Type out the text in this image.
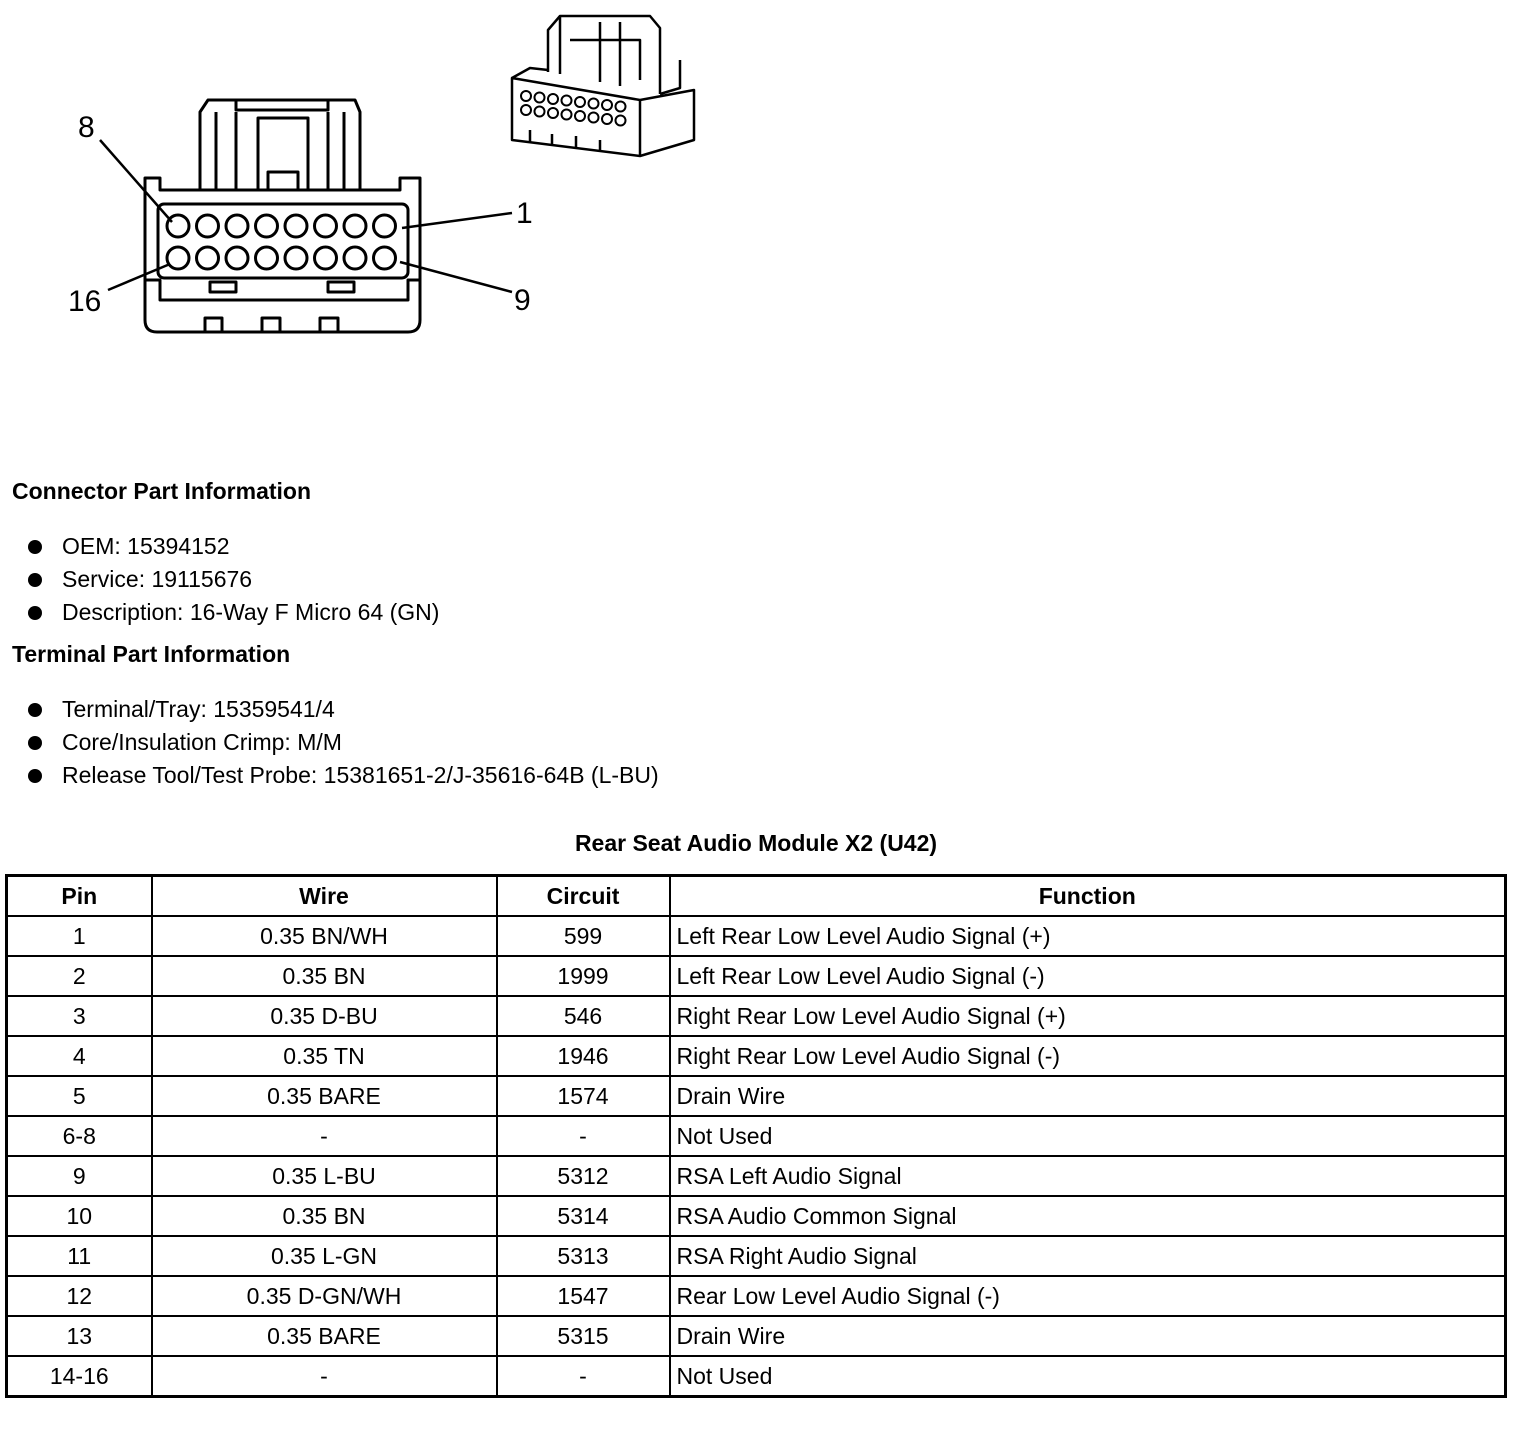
8
1
16	9
Connector Part Information
OEM: 15394152
Service: 19115676
Description: 16-Way F Micro 64 (GN)
Terminal Part Information
Terminal/Tray: 15359541/4
Core/Insulation Crimp: M/M
Release Tool/Test Probe: 15381651-2/J-35616-64B (L-BU)
Rear Seat Audio Module X2 (U42)
Pin	Wire	Circuit	Function
1	0.35 BN/WH	599	Left Rear Low Level Audio Signal (+)
2	0.35 BN	1999	Left Rear Low Level Audio Signal (-)
3	0.35 D-BU	546	Right Rear Low Level Audio Signal (+)
4	0.35 TN	1946	Right Rear Low Level Audio Signal (-)
5	0.35 BARE	1574	Drain Wire
6-8	-	-	Not Used
9	0.35 L-BU	5312	RSA Left Audio Signal
10	0.35 BN	5314	RSA Audio Common Signal
11	0.35 L-GN	5313	RSA Right Audio Signal
12	0.35 D-GN/WH	1547	Rear Low Level Audio Signal (-)
13	0.35 BARE	5315	Drain Wire
14-16	-	-	Not Used
